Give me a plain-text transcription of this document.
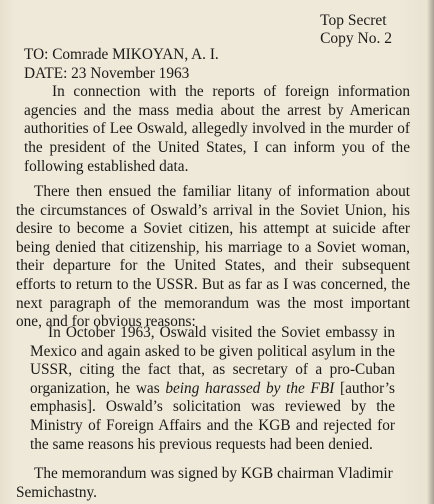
Top Secret
Copy No. 2

TO: Comrade MIKOYAN, A. I.

DATE: 23 November 1963

In connection with the reports of foreign information agencies and the mass media about the arrest by American authorities of Lee Oswald, allegedly involved in the murder of the president of the United States, I can inform you of the following established data.

There then ensued the familiar litany of information about the circumstances of Oswald’s arrival in the Soviet Union, his desire to become a Soviet citizen, his attempt at suicide after being denied that citizenship, his marriage to a Soviet woman, their departure for the United States, and their subsequent efforts to return to the USSR. But as far as I was concerned, the next paragraph of the memorandum was the most important one, and for obvious reasons:

In October 1963, Oswald visited the Soviet embassy in Mexico and again asked to be given political asylum in the USSR, citing the fact that, as secretary of a pro-Cuban organization, he was being harassed by the FBI [author’s emphasis]. Oswald’s solicitation was reviewed by the Ministry of Foreign Affairs and the KGB and rejected for the same reasons his previous requests had been denied.

The memorandum was signed by KGB chairman Vladimir Semichastny.
